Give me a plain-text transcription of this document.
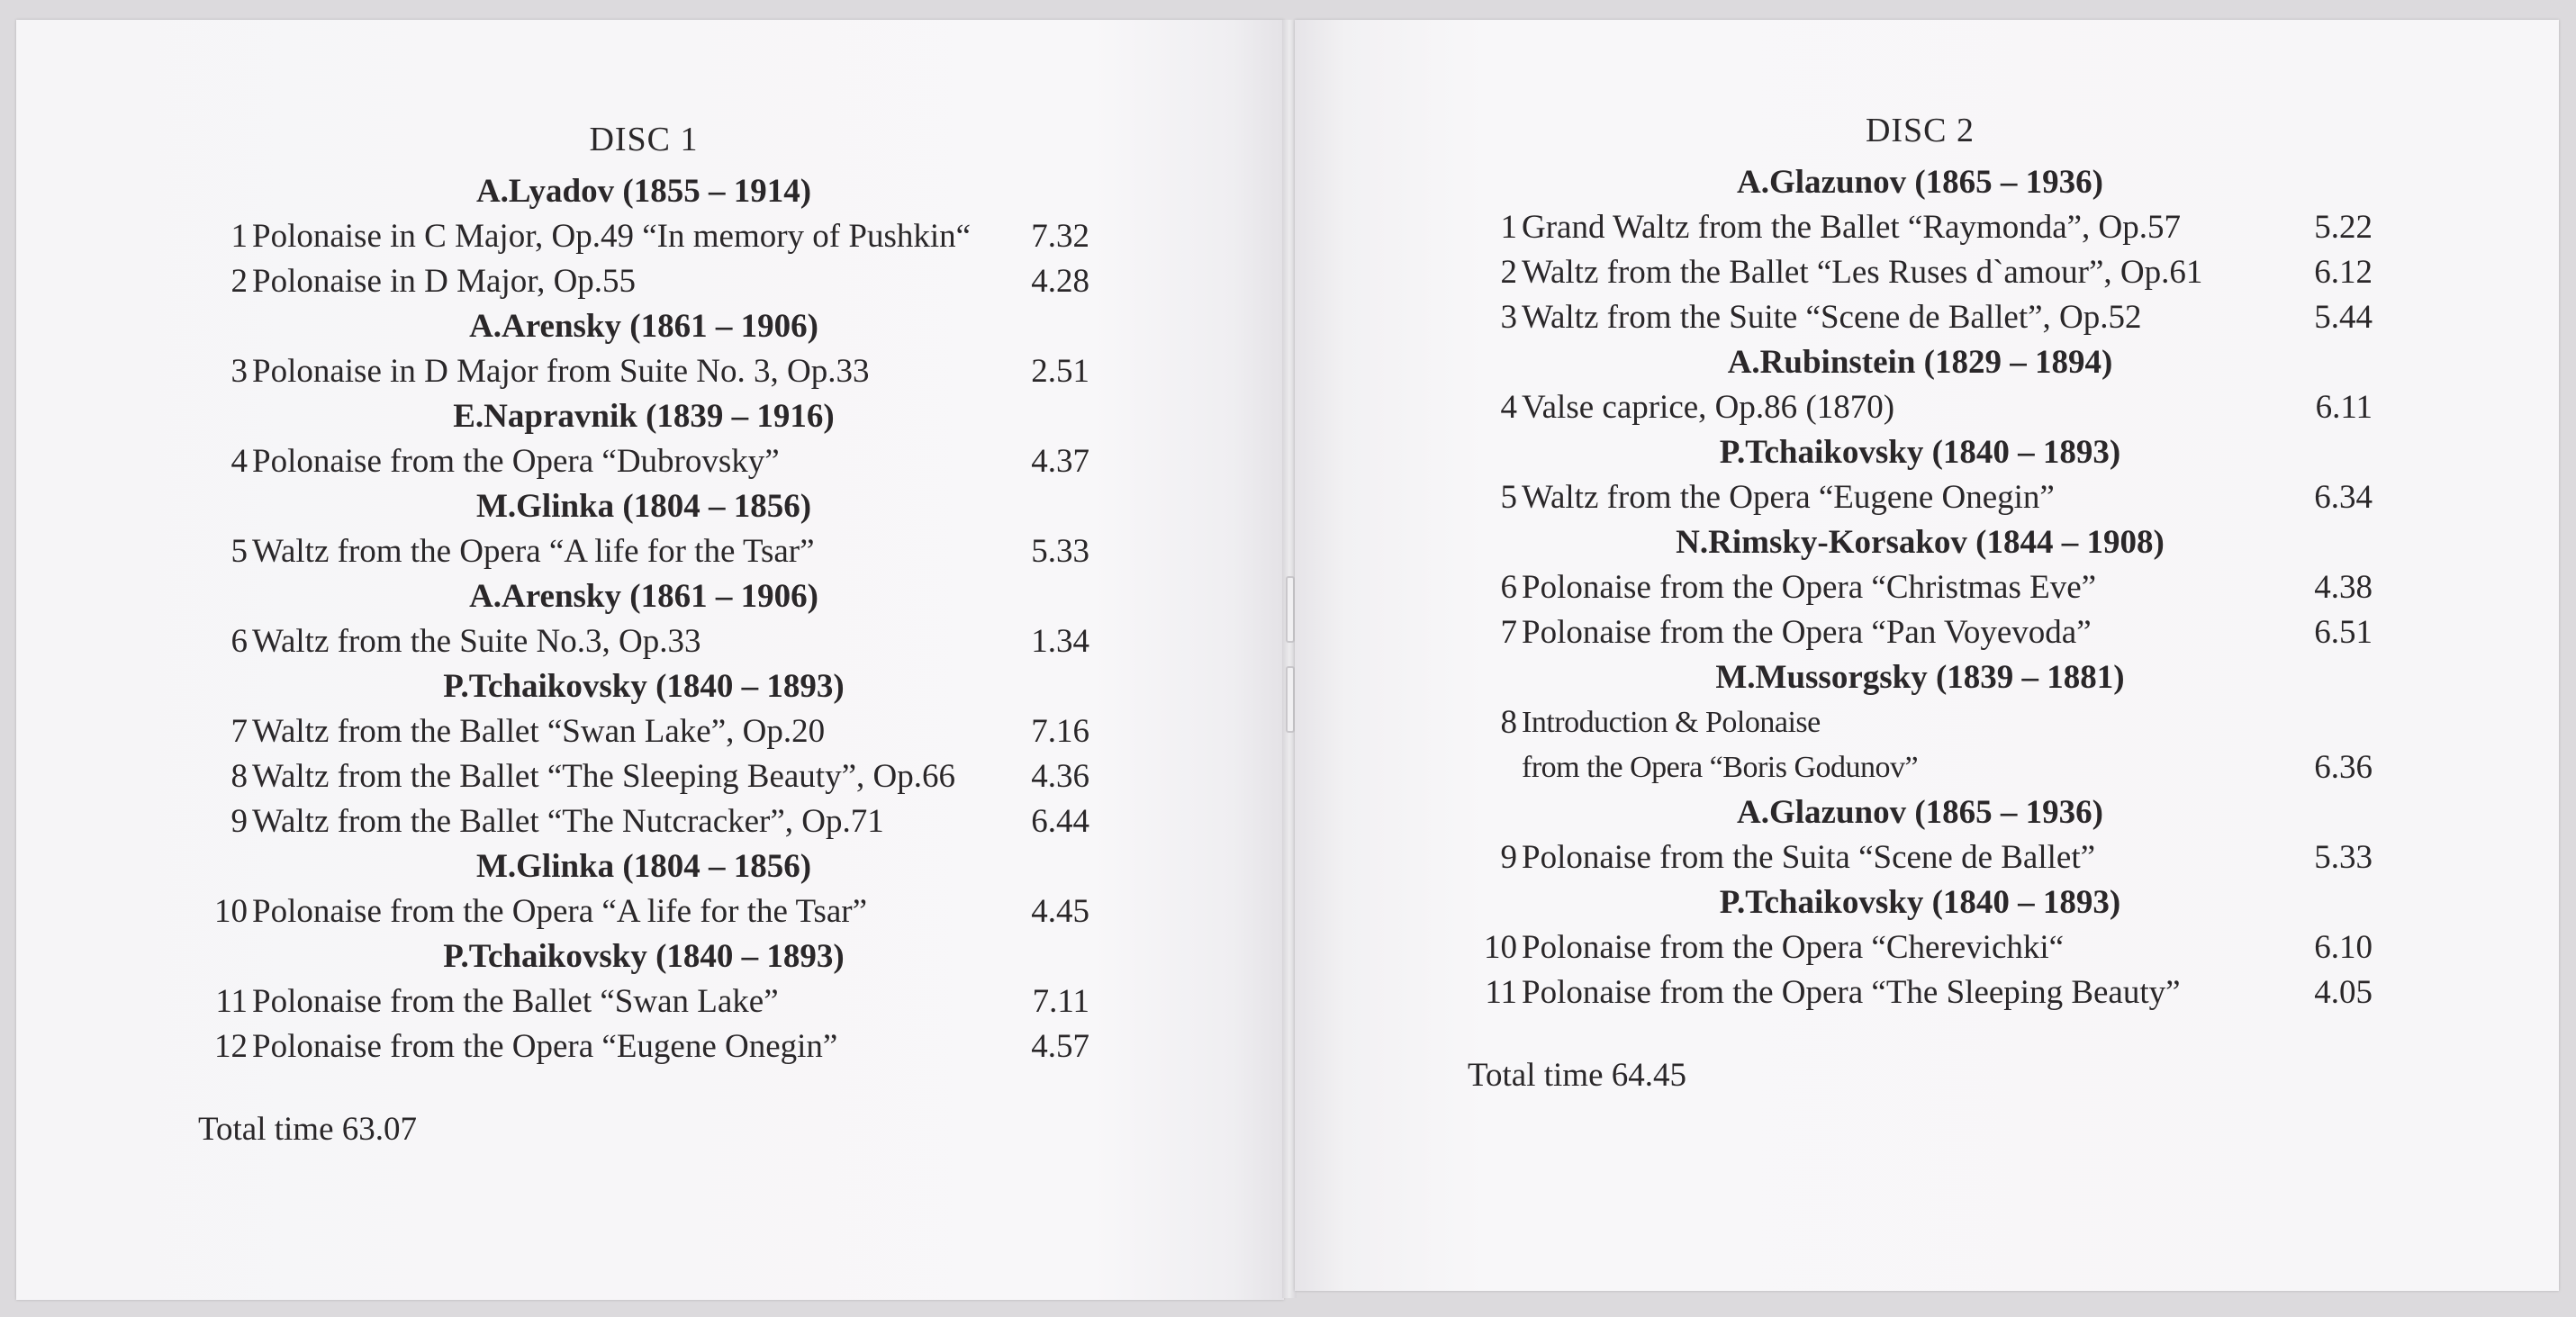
DISC 1
A.Lyadov (1855 – 1914)
1 Polonaise in C Major, Op.49 “In memory of Pushkin“ 7.32
2 Polonaise in D Major, Op.55	4.28
A.Arensky (1861 – 1906)
3 Polonaise in D Major from Suite No. 3, Op.33	2.51
E.Napravnik (1839 – 1916)
4 Polonaise from the Opera “Dubrovsky”	4.37
M.Glinka (1804 – 1856)
5 Waltz from the Opera “A life for the Tsar”	5.33
A.Arensky (1861 – 1906)
6 Waltz from the Suite No.3, Op.33	1.34
P.Tchaikovsky (1840 – 1893)
7 Waltz from the Ballet “Swan Lake”, Op.20	7.16
8 Waltz from the Ballet “The Sleeping Beauty”, Op.66 4.36
9 Waltz from the Ballet “The Nutcracker”, Op.71	6.44
M.Glinka (1804 – 1856)
10 Polonaise from the Opera “A life for the Tsar”	4.45
P.Tchaikovsky (1840 – 1893)
11 Polonaise from the Ballet “Swan Lake”	7.11
12 Polonaise from the Opera “Eugene Onegin”	4.57
Total time 63.07
DISC 2
A.Glazunov (1865 – 1936)
1 Grand Waltz from the Ballet “Raymonda”, Op.57	5.22
2 Waltz from the Ballet “Les Ruses d`amour”, Op.61	6.12
3 Waltz from the Suite “Scene de Ballet”, Op.52	5.44
A.Rubinstein (1829 – 1894)
4 Valse caprice, Op.86 (1870)	6.11
P.Tchaikovsky (1840 – 1893)
5 Waltz from the Opera “Eugene Onegin”	6.34
N.Rimsky-Korsakov (1844 – 1908)
6 Polonaise from the Opera “Christmas Eve”	4.38
7 Polonaise from the Opera “Pan Voyevoda”	6.51
M.Mussorgsky (1839 – 1881)
8 Introduction & Polonaise
from the Opera “Boris Godunov”	6.36
A.Glazunov (1865 – 1936)
9 Polonaise from the Suita “Scene de Ballet”	5.33
P.Tchaikovsky (1840 – 1893)
10 Polonaise from the Opera “Cherevichki“	6.10
11 Polonaise from the Opera “The Sleeping Beauty”	4.05
Total time 64.45
